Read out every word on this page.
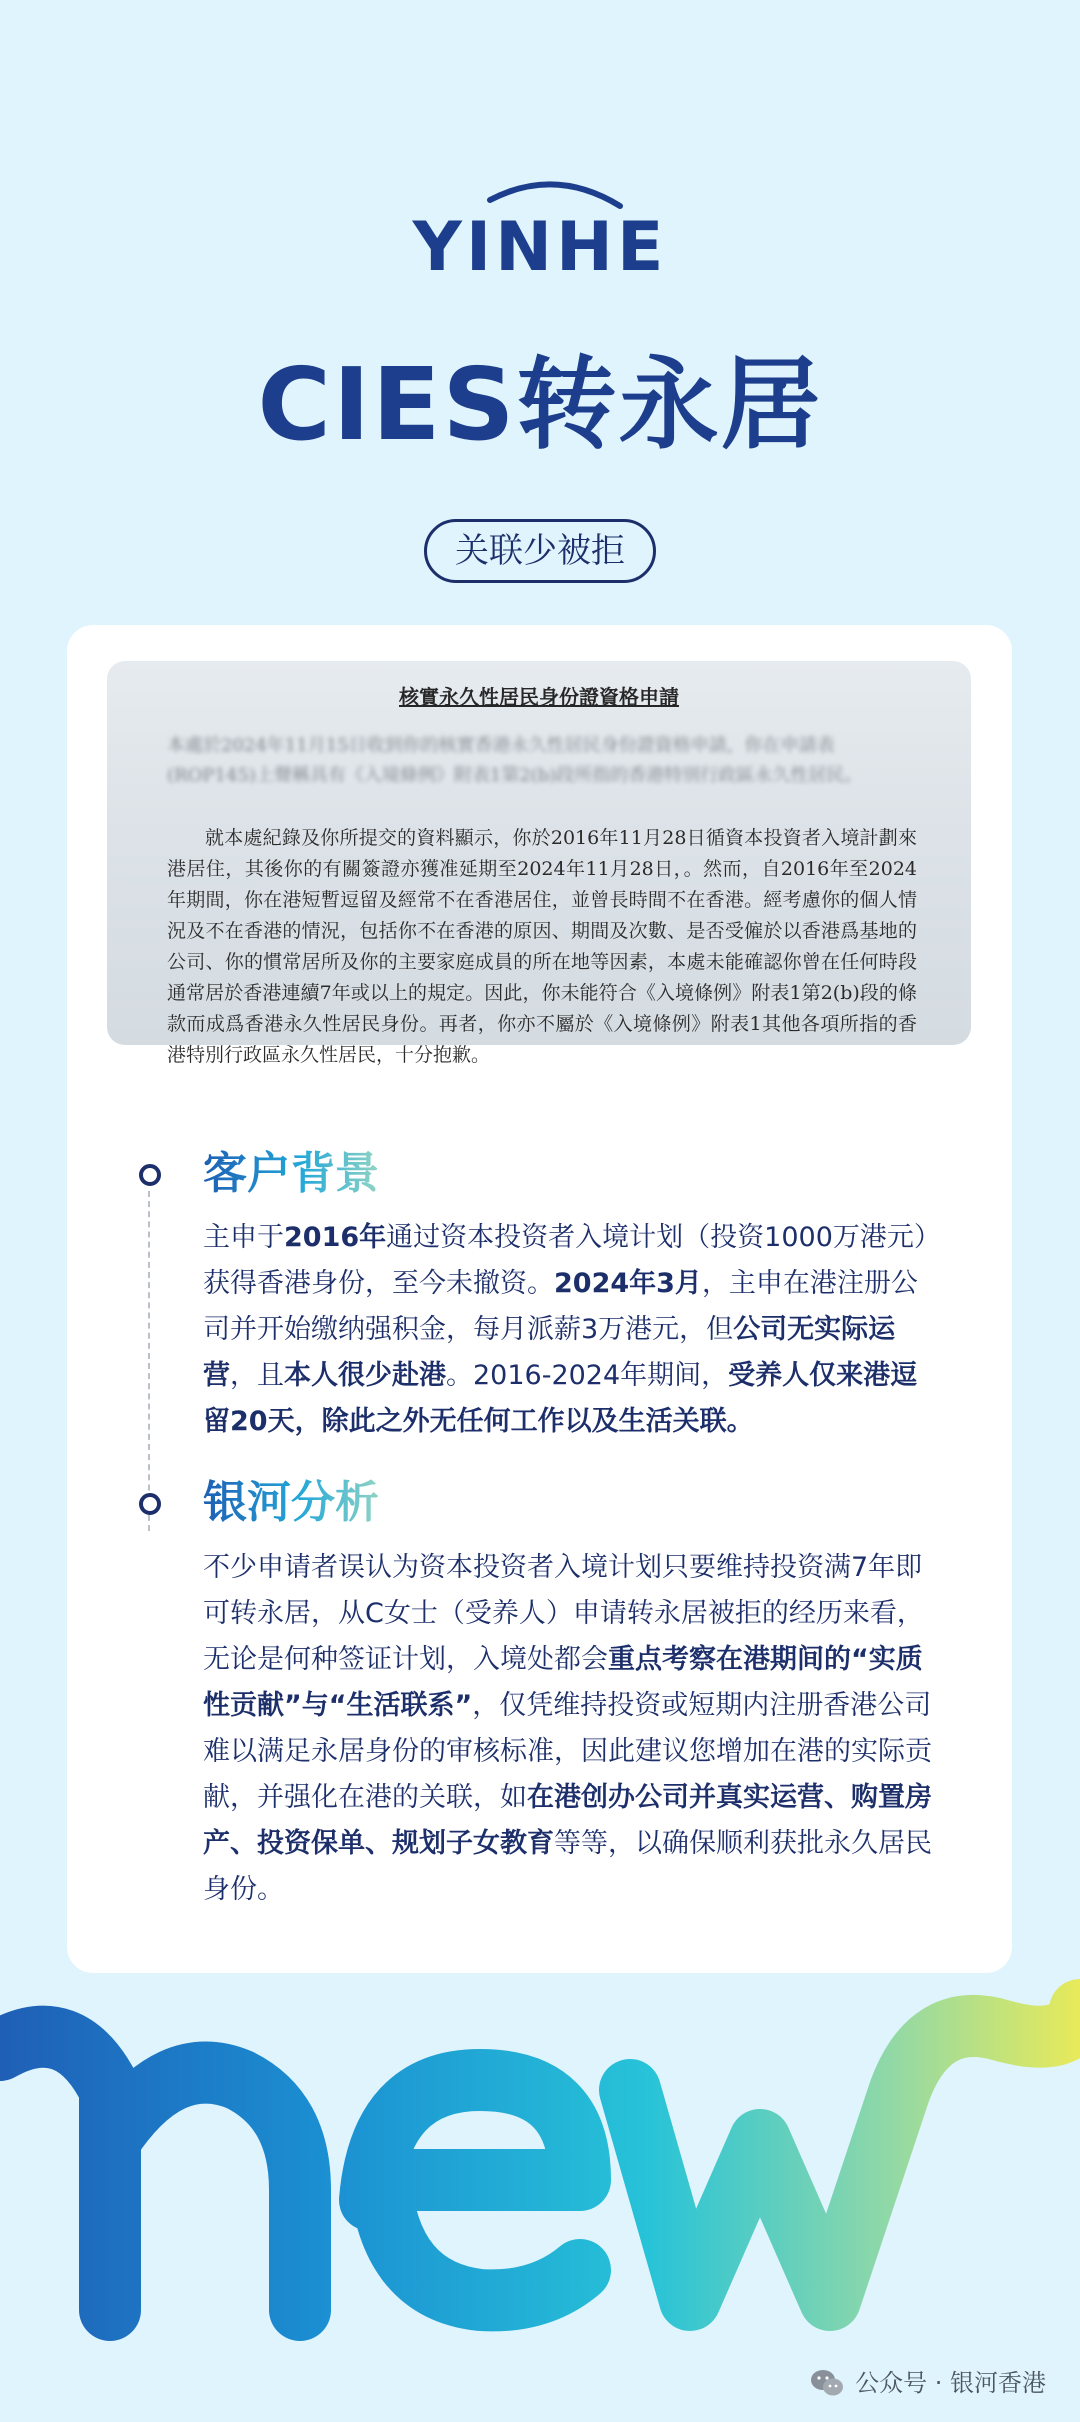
YINHE
CIES转永居
关联少被拒
核實永久性居民身份證資格申請
本處於2024年11月15日收到你的核實香港永久性居民身份證資格申請，你在申請表(ROP145)上聲稱具有《入境條例》附表1第2(b)段所指的香港特別行政區永久性居民。
就本處紀錄及你所提交的資料顯示，你於2016年11月28日循資本投資者入境計劃來港居住，其後你的有關簽證亦獲准延期至2024年11月28日，。然而，自2016年至2024年期間，你在港短暫逗留及經常不在香港居住，並曾長時間不在香港。經考慮你的個人情況及不在香港的情況，包括你不在香港的原因、期間及次數、是否受僱於以香港爲基地的公司、你的慣常居所及你的主要家庭成員的所在地等因素，本處未能確認你曾在任何時段通常居於香港連續7年或以上的規定。因此，你未能符合《入境條例》附表1第2(b)段的條款而成爲香港永久性居民身份。再者，你亦不屬於《入境條例》附表1其他各項所指的香港特別行政區永久性居民，十分抱歉。
客户背景
主申于2016年通过资本投资者入境计划（投资1000万港元）获得香港身份，至今未撤资。2024年3月，主申在港注册公司并开始缴纳强积金，每月派薪3万港元，但公司无实际运营，且本人很少赴港。2016-2024年期间，受养人仅来港逗留20天，除此之外无任何工作以及生活关联。
银河分析
不少申请者误认为资本投资者入境计划只要维持投资满7年即可转永居，从C女士（受养人）申请转永居被拒的经历来看，无论是何种签证计划，入境处都会重点考察在港期间的“实质性贡献”与“生活联系”，仅凭维持投资或短期内注册香港公司难以满足永居身份的审核标准，因此建议您增加在港的实际贡献，并强化在港的关联，如在港创办公司并真实运营、购置房产、投资保单、规划子女教育等等，以确保顺利获批永久居民身份。
公众号 · 银河香港
